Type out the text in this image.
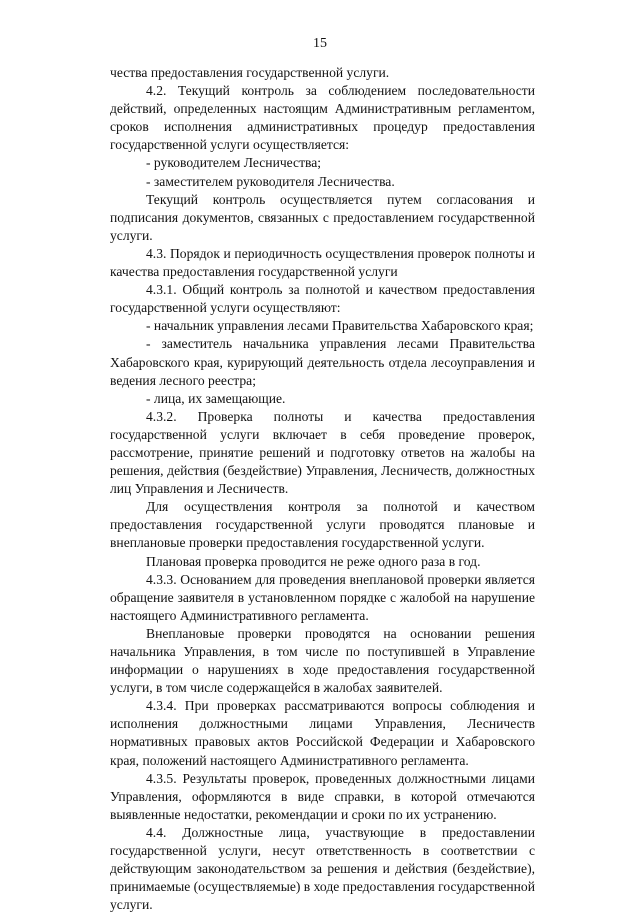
15

чества предоставления государственной услуги.

4.2. Текущий контроль за соблюдением последовательности действий, определенных настоящим Административным регламентом, сроков исполнения административных процедур предоставления государственной услуги осуществляется:

- руководителем Лесничества;

- заместителем руководителя Лесничества.

Текущий контроль осуществляется путем согласования и подписания документов, связанных с предоставлением государственной услуги.

4.3. Порядок и периодичность осуществления проверок полноты и качества предоставления государственной услуги

4.3.1. Общий контроль за полнотой и качеством предоставления государственной услуги осуществляют:

- начальник управления лесами Правительства Хабаровского края;

- заместитель начальника управления лесами Правительства Хабаровского края, курирующий деятельность отдела лесоуправления и ведения лесного реестра;

- лица, их замещающие.

4.3.2. Проверка полноты и качества предоставления государственной услуги включает в себя проведение проверок, рассмотрение, принятие решений и подготовку ответов на жалобы на решения, действия (бездействие) Управления, Лесничеств, должностных лиц Управления и Лесничеств.

Для осуществления контроля за полнотой и качеством предоставления государственной услуги проводятся плановые и внеплановые проверки предоставления государственной услуги.

Плановая проверка проводится не реже одного раза в год.

4.3.3. Основанием для проведения внеплановой проверки является обращение заявителя в установленном порядке с жалобой на нарушение настоящего Административного регламента.

Внеплановые проверки проводятся на основании решения начальника Управления, в том числе по поступившей в Управление информации о нарушениях в ходе предоставления государственной услуги, в том числе содержащейся в жалобах заявителей.

4.3.4. При проверках рассматриваются вопросы соблюдения и исполнения должностными лицами Управления, Лесничеств нормативных правовых актов Российской Федерации и Хабаровского края, положений настоящего Административного регламента.

4.3.5. Результаты проверок, проведенных должностными лицами Управления, оформляются в виде справки, в которой отмечаются выявленные недостатки, рекомендации и сроки по их устранению.

4.4. Должностные лица, участвующие в предоставлении государственной услуги, несут ответственность в соответствии с действующим законодательством за решения и действия (бездействие), принимаемые (осуществляемые) в ходе предоставления государственной услуги.
